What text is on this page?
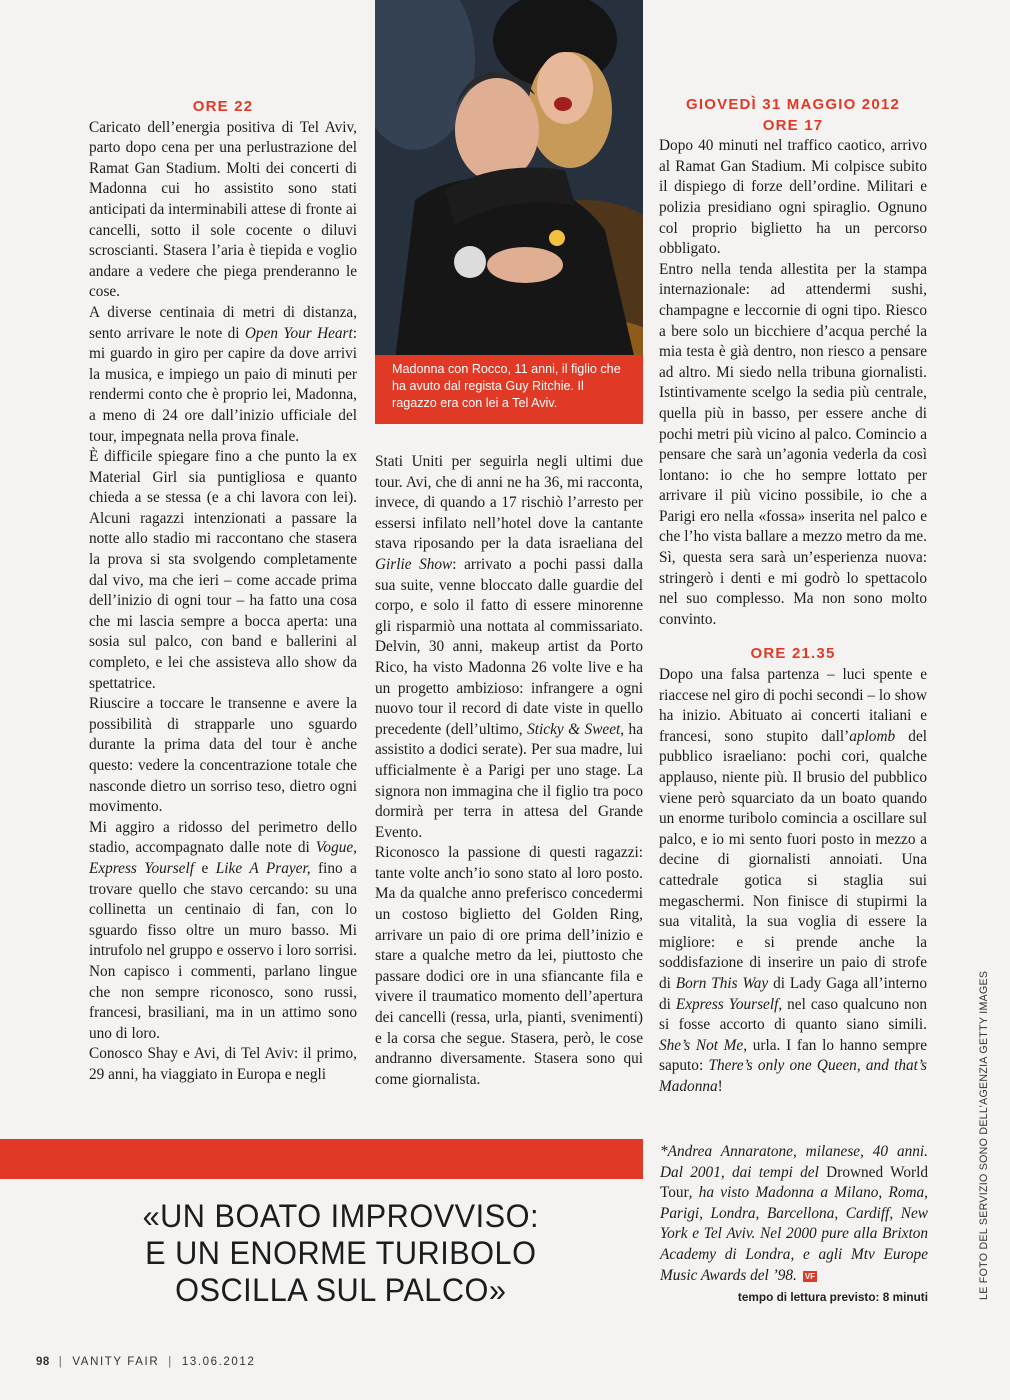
Madonna con Rocco, 11 anni, il figlio che ha avuto dal regista Guy Ritchie. Il ragazzo era con lei a Tel Aviv.
ORE 22

Caricato dell’energia positiva di Tel Aviv, parto dopo cena per una perlustrazione del Ramat Gan Stadium. Molti dei concerti di Madonna cui ho assistito sono stati anticipati da interminabili attese di fronte ai cancelli, sotto il sole cocente o diluvi scroscianti. Stasera l’aria è tiepida e voglio andare a vedere che piega prenderanno le cose.

A diverse centinaia di metri di distanza, sento arrivare le note di Open Your Heart: mi guardo in giro per capire da dove arrivi la musica, e impiego un paio di minuti per rendermi conto che è proprio lei, Madonna, a meno di 24 ore dall’inizio ufficiale del tour, impegnata nella prova finale.

È difficile spiegare fino a che punto la ex Material Girl sia puntigliosa e quanto chieda a se stessa (e a chi lavora con lei). Alcuni ragazzi intenzionati a passare la notte allo stadio mi raccontano che stasera la prova si sta svolgendo completamente dal vivo, ma che ieri – come accade prima dell’inizio di ogni tour – ha fatto una cosa che mi lascia sempre a bocca aperta: una sosia sul palco, con band e ballerini al completo, e lei che assisteva allo show da spettatrice.

Riuscire a toccare le transenne e avere la possibilità di strapparle uno sguardo durante la prima data del tour è anche questo: vedere la concentrazione totale che nasconde dietro un sorriso teso, dietro ogni movimento.

Mi aggiro a ridosso del perimetro dello stadio, accompagnato dalle note di Vogue, Express Yourself e Like A Prayer, fino a trovare quello che stavo cercando: su una collinetta un centinaio di fan, con lo sguardo fisso oltre un muro basso. Mi intrufolo nel gruppo e osservo i loro sorrisi. Non capisco i commenti, parlano lingue che non sempre riconosco, sono russi, francesi, brasiliani, ma in un attimo sono uno di loro.

Conosco Shay e Avi, di Tel Aviv: il primo, 29 anni, ha viaggiato in Europa e negli

Stati Uniti per seguirla negli ultimi due tour. Avi, che di anni ne ha 36, mi racconta, invece, di quando a 17 rischiò l’arresto per essersi infilato nell’hotel dove la cantante stava riposando per la data israeliana del Girlie Show: arrivato a pochi passi dalla sua suite, venne bloccato dalle guardie del corpo, e solo il fatto di essere minorenne gli risparmiò una nottata al commissariato. Delvin, 30 anni, makeup artist da Porto Rico, ha visto Madonna 26 volte live e ha un progetto ambizioso: infrangere a ogni nuovo tour il record di date viste in quello precedente (dell’ultimo, Sticky & Sweet, ha assistito a dodici serate). Per sua madre, lui ufficialmente è a Parigi per uno stage. La signora non immagina che il figlio tra poco dormirà per terra in attesa del Grande Evento.

Riconosco la passione di questi ragazzi: tante volte anch’io sono stato al loro posto. Ma da qualche anno preferisco concedermi un costoso biglietto del Golden Ring, arrivare un paio di ore prima dell’inizio e stare a qualche metro da lei, piuttosto che passare dodici ore in una sfiancante fila e vivere il traumatico momento dell’apertura dei cancelli (ressa, urla, pianti, svenimenti) e la corsa che segue. Stasera, però, le cose andranno diversamente. Stasera sono qui come giornalista.

GIOVEDÌ 31 MAGGIO 2012
ORE 17

Dopo 40 minuti nel traffico caotico, arrivo al Ramat Gan Stadium. Mi colpisce subito il dispiego di forze dell’ordine. Militari e polizia presidiano ogni spiraglio. Ognuno col proprio biglietto ha un percorso obbligato.

Entro nella tenda allestita per la stampa internazionale: ad attendermi sushi, champagne e leccornie di ogni tipo. Riesco a bere solo un bicchiere d’acqua perché la mia testa è già dentro, non riesco a pensare ad altro. Mi siedo nella tribuna giornalisti. Istintivamente scelgo la sedia più centrale, quella più in basso, per essere anche di pochi metri più vicino al palco. Comincio a pensare che sarà un’agonia vederla da così lontano: io che ho sempre lottato per arrivare il più vicino possibile, io che a Parigi ero nella «fossa» inserita nel palco e che l’ho vista ballare a mezzo metro da me. Sì, questa sera sarà un’esperienza nuova: stringerò i denti e mi godrò lo spettacolo nel suo complesso. Ma non sono molto convinto.

ORE 21.35

Dopo una falsa partenza – luci spente e riaccese nel giro di pochi secondi – lo show ha inizio. Abituato ai concerti italiani e francesi, sono stupito dall’aplomb del pubblico israeliano: pochi cori, qualche applauso, niente più. Il brusio del pubblico viene però squarciato da un boato quando un enorme turibolo comincia a oscillare sul palco, e io mi sento fuori posto in mezzo a decine di giornalisti annoiati. Una cattedrale gotica si staglia sui megaschermi. Non finisce di stupirmi la sua vitalità, la sua voglia di essere la migliore: e si prende anche la soddisfazione di inserire un paio di strofe di Born This Way di Lady Gaga all’interno di Express Yourself, nel caso qualcuno non si fosse accorto di quanto siano simili. She’s Not Me, urla. I fan lo hanno sempre saputo: There’s only one Queen, and that’s Madonna!

«UN BOATO IMPROVVISO:
E UN ENORME TURIBOLO
OSCILLA SUL PALCO»
*Andrea Annaratone, milanese, 40 anni. Dal 2001, dai tempi del Drowned World Tour, ha visto Madonna a Milano, Roma, Parigi, Londra, Barcellona, Cardiff, New York e Tel Aviv. Nel 2000 pure alla Brixton Academy di Londra, e agli Mtv Europe Music Awards del ’98. VF
tempo di lettura previsto: 8 minuti	LE FOTO DEL SERVIZIO SONO DELL’AGENZIA GETTY IMAGES
98 | VANITY FAIR | 13.06.2012
